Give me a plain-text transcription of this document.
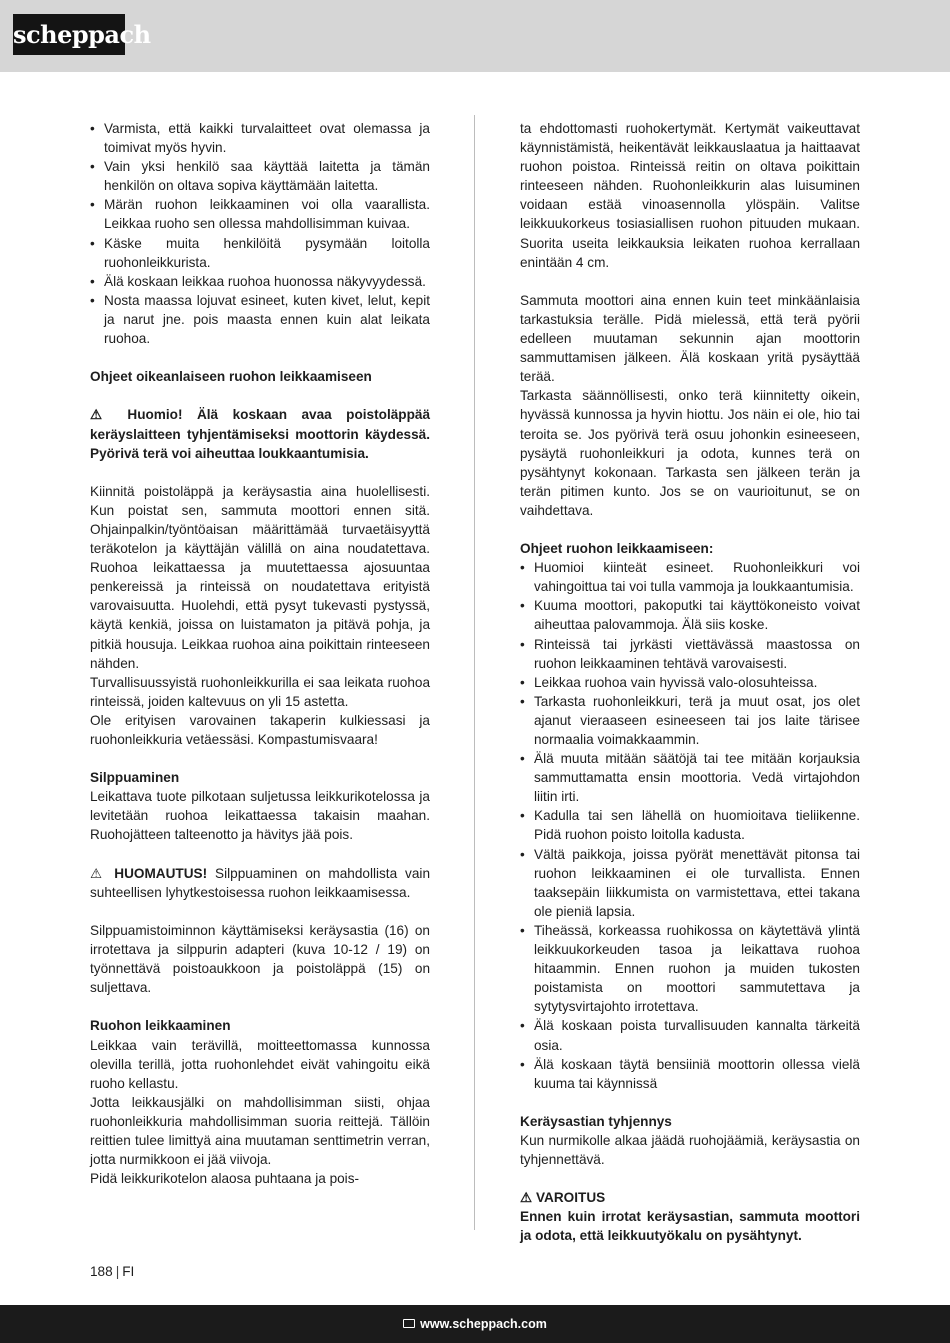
scheppach
• Varmista, että kaikki turvalaitteet ovat olemassa ja toimivat myös hyvin.
• Vain yksi henkilö saa käyttää laitetta ja tämän henkilön on oltava sopiva käyttämään laitetta.
• Märän ruohon leikkaaminen voi olla vaarallista. Leikkaa ruoho sen ollessa mahdollisimman kuivaa.
• Käske muita henkilöitä pysymään loitolla ruohonleikkurista.
• Älä koskaan leikkaa ruohoa huonossa näkyvyydessä.
• Nosta maassa lojuvat esineet, kuten kivet, lelut, kepit ja narut jne. pois maasta ennen kuin alat leikata ruohoa.

Ohjeet oikeanlaiseen ruohon leikkaamiseen

⚠ Huomio! Älä koskaan avaa poistoläppää keräyslaitteen tyhjentämiseksi moottorin käydessä. Pyörivä terä voi aiheuttaa loukkaantumisia.

Kiinnitä poistoläppä ja keräysastia aina huolellisesti. Kun poistat sen, sammuta moottori ennen sitä. Ohjainpalkin/työntöaisan määrittämää turvaetäisyyttä teräkotelon ja käyttäjän välillä on aina noudatettava. Ruohoa leikattaessa ja muutettaessa ajosuuntaa penkereissä ja rinteissä on noudatettava erityistä varovaisuutta. Huolehdi, että pysyt tukevasti pystyssä, käytä kenkiä, joissa on luistamaton ja pitävä pohja, ja pitkiä housuja. Leikkaa ruohoa aina poikittain rinteeseen nähden.

Turvallisuussyistä ruohonleikkurilla ei saa leikata ruohoa rinteissä, joiden kaltevuus on yli 15 astetta.

Ole erityisen varovainen takaperin kulkiessasi ja ruohonleikkuria vetäessäsi. Kompastumisvaara!

Silppuaminen

Leikattava tuote pilkotaan suljetussa leikkurikotelossa ja levitetään ruohoa leikattaessa takaisin maahan. Ruohojätteen talteenotto ja hävitys jää pois.

⚠ HUOMAUTUS! Silppuaminen on mahdollista vain suhteellisen lyhytkestoisessa ruohon leikkaamisessa.

Silppuamistoiminnon käyttämiseksi keräysastia (16) on irrotettava ja silppurin adapteri (kuva 10-12 / 19) on työnnettävä poistoaukkoon ja poistoläppä (15) on suljettava.

Ruohon leikkaaminen

Leikkaa vain terävillä, moitteettomassa kunnossa olevilla terillä, jotta ruohonlehdet eivät vahingoitu eikä ruoho kellastu.

Jotta leikkausjälki on mahdollisimman siisti, ohjaa ruohonleikkuria mahdollisimman suoria reittejä. Tällöin reittien tulee limittyä aina muutaman senttimetrin verran, jotta nurmikkoon ei jää viivoja.

Pidä leikkurikotelon alaosa puhtaana ja pois-

ta ehdottomasti ruohokertymät. Kertymät vaikeuttavat käynnistämistä, heikentävät leikkauslaatua ja haittaavat ruohon poistoa. Rinteissä reitin on oltava poikittain rinteeseen nähden. Ruohonleikkurin alas luisuminen voidaan estää vinoasennolla ylöspäin. Valitse leikkuukorkeus tosiasiallisen ruohon pituuden mukaan. Suorita useita leikkauksia leikaten ruohoa kerrallaan enintään 4 cm.

Sammuta moottori aina ennen kuin teet minkäänlaisia tarkastuksia terälle. Pidä mielessä, että terä pyörii edelleen muutaman sekunnin ajan moottorin sammuttamisen jälkeen. Älä koskaan yritä pysäyttää terää.

Tarkasta säännöllisesti, onko terä kiinnitetty oikein, hyvässä kunnossa ja hyvin hiottu. Jos näin ei ole, hio tai teroita se. Jos pyörivä terä osuu johonkin esineeseen, pysäytä ruohonleikkuri ja odota, kunnes terä on pysähtynyt kokonaan. Tarkasta sen jälkeen terän ja terän pitimen kunto. Jos se on vaurioitunut, se on vaihdettava.

Ohjeet ruohon leikkaamiseen:

• Huomioi kiinteät esineet. Ruohonleikkuri voi vahingoittua tai voi tulla vammoja ja loukkaantumisia.
• Kuuma moottori, pakoputki tai käyttökoneisto voivat aiheuttaa palovammoja. Älä siis koske.
• Rinteissä tai jyrkästi viettävässä maastossa on ruohon leikkaaminen tehtävä varovaisesti.
• Leikkaa ruohoa vain hyvissä valo-olosuhteissa.
• Tarkasta ruohonleikkuri, terä ja muut osat, jos olet ajanut vieraaseen esineeseen tai jos laite tärisee normaalia voimakkaammin.
• Älä muuta mitään säätöjä tai tee mitään korjauksia sammuttamatta ensin moottoria. Vedä virtajohdon liitin irti.
• Kadulla tai sen lähellä on huomioitava tieliikenne. Pidä ruohon poisto loitolla kadusta.
• Vältä paikkoja, joissa pyörät menettävät pitonsa tai ruohon leikkaaminen ei ole turvallista. Ennen taaksepäin liikkumista on varmistettava, ettei takana ole pieniä lapsia.
• Tiheässä, korkeassa ruohikossa on käytettävä ylintä leikkuukorkeuden tasoa ja leikattava ruohoa hitaammin. Ennen ruohon ja muiden tukosten poistamista on moottori sammutettava ja sytytysvirtajohto irrotettava.
• Älä koskaan poista turvallisuuden kannalta tärkeitä osia.
• Älä koskaan täytä bensiiniä moottorin ollessa vielä kuuma tai käynnissä

Keräysastian tyhjennys

Kun nurmikolle alkaa jäädä ruohojäämiä, keräysastia on tyhjennettävä.

⚠ VAROITUS

Ennen kuin irrotat keräysastian, sammuta moottori ja odota, että leikkuutyökalu on pysähtynyt.

188 | FI
www.scheppach.com
